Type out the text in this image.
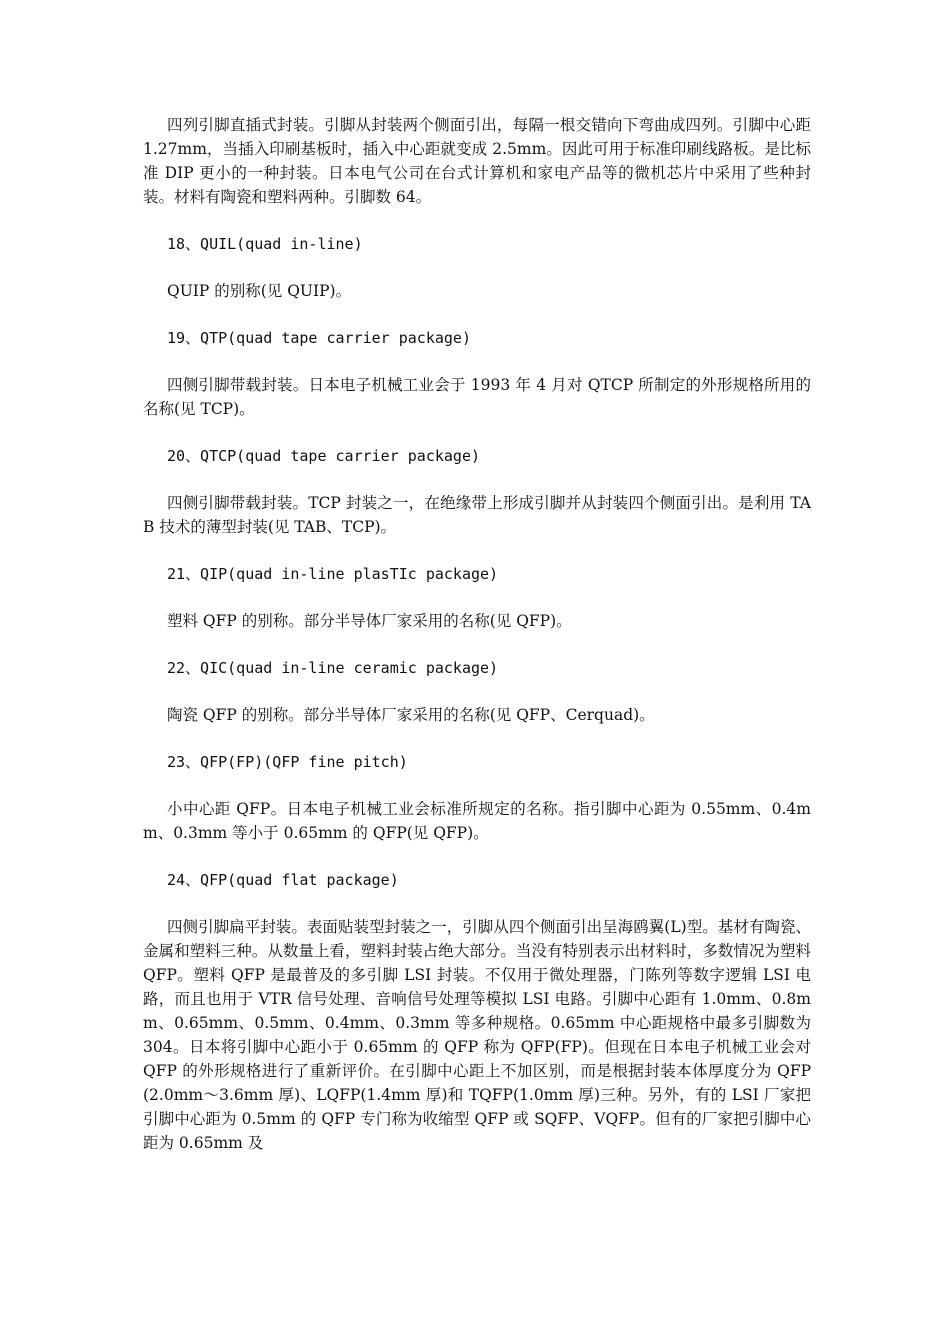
四列引脚直插式封装。引脚从封装两个侧面引出，每隔一根交错向下弯曲成四列。引脚中心距 1.27mm，当插入印刷基板时，插入中心距就变成 2.5mm。因此可用于标准印刷线路板。是比标准 DIP 更小的一种封装。日本电气公司在台式计算机和家电产品等的微机芯片中采用了些种封装。材料有陶瓷和塑料两种。引脚数 64。

18、QUIL(quad in-line)

QUIP 的别称(见 QUIP)。

19、QTP(quad tape carrier package)

四侧引脚带载封装。日本电子机械工业会于 1993 年 4 月对 QTCP 所制定的外形规格所用的名称(见 TCP)。

20、QTCP(quad tape carrier package)

四侧引脚带载封装。TCP 封装之一，在绝缘带上形成引脚并从封装四个侧面引出。是利用 TAB 技术的薄型封装(见 TAB、TCP)。

21、QIP(quad in-line plasTIc package)

塑料 QFP 的别称。部分半导体厂家采用的名称(见 QFP)。

22、QIC(quad in-line ceramic package)

陶瓷 QFP 的别称。部分半导体厂家采用的名称(见 QFP、Cerquad)。

23、QFP(FP)(QFP fine pitch)

小中心距 QFP。日本电子机械工业会标准所规定的名称。指引脚中心距为 0.55mm、0.4mm、0.3mm 等小于 0.65mm 的 QFP(见 QFP)。

24、QFP(quad flat package)

四侧引脚扁平封装。表面贴装型封装之一，引脚从四个侧面引出呈海鸥翼(L)型。基材有陶瓷、金属和塑料三种。从数量上看，塑料封装占绝大部分。当没有特别表示出材料时，多数情况为塑料 QFP。塑料 QFP 是最普及的多引脚 LSI 封装。不仅用于微处理器，门陈列等数字逻辑 LSI 电路，而且也用于 VTR 信号处理、音响信号处理等模拟 LSI 电路。引脚中心距有 1.0mm、0.8mm、0.65mm、0.5mm、0.4mm、0.3mm 等多种规格。0.65mm 中心距规格中最多引脚数为 304。日本将引脚中心距小于 0.65mm 的 QFP 称为 QFP(FP)。但现在日本电子机械工业会对 QFP 的外形规格进行了重新评价。在引脚中心距上不加区别，而是根据封装本体厚度分为 QFP(2.0mm～3.6mm 厚)、LQFP(1.4mm 厚)和 TQFP(1.0mm 厚)三种。另外，有的 LSI 厂家把引脚中心距为 0.5mm 的 QFP 专门称为收缩型 QFP 或 SQFP、VQFP。但有的厂家把引脚中心距为 0.65mm 及
